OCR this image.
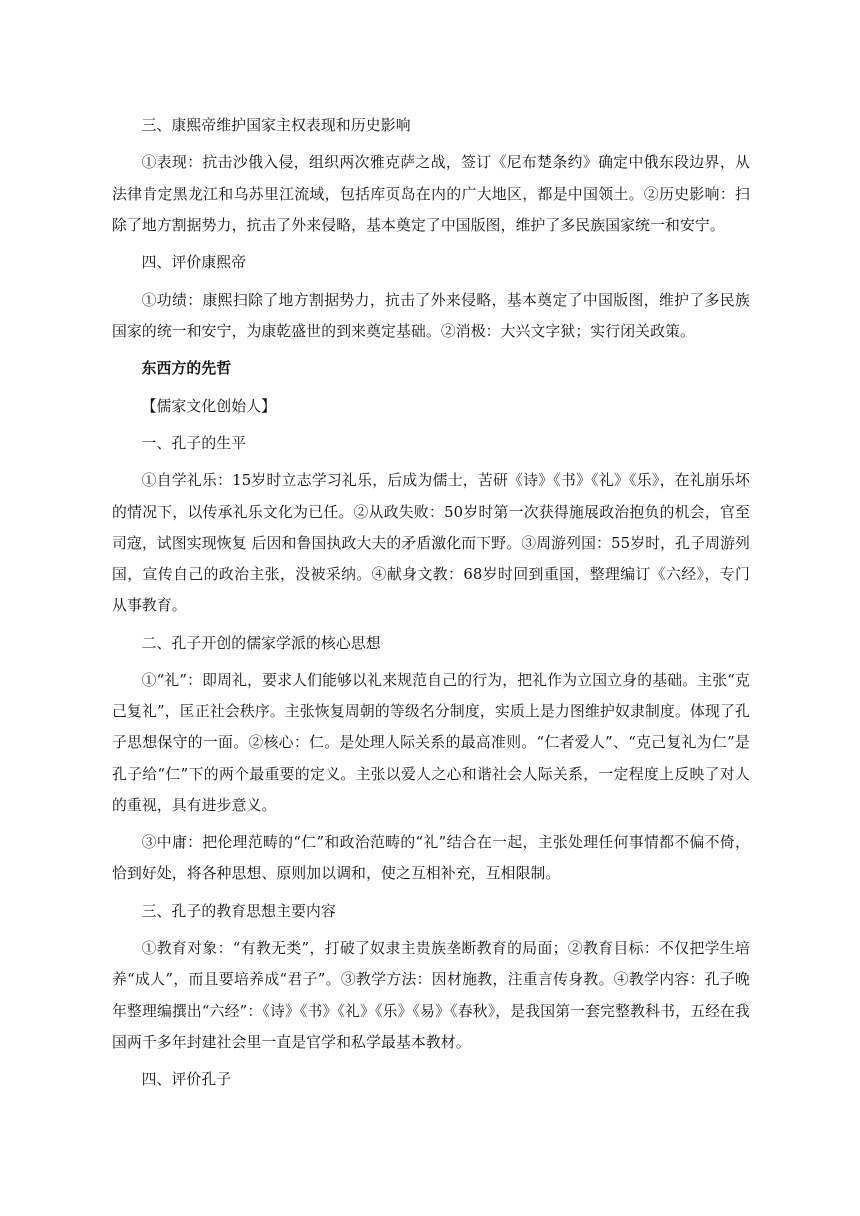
三、康熙帝维护国家主权表现和历史影响

①表现：抗击沙俄入侵，组织两次雅克萨之战，签订《尼布楚条约》确定中俄东段边界，从法律肯定黑龙江和乌苏里江流域，包括库页岛在内的广大地区，都是中国领土。②历史影响：扫除了地方割据势力，抗击了外来侵略，基本奠定了中国版图，维护了多民族国家统一和安宁。

四、评价康熙帝

①功绩：康熙扫除了地方割据势力，抗击了外来侵略，基本奠定了中国版图，维护了多民族国家的统一和安宁，为康乾盛世的到来奠定基础。②消极：大兴文字狱；实行闭关政策。

东西方的先哲

【儒家文化创始人】

一、孔子的生平

①自学礼乐：15岁时立志学习礼乐，后成为儒士，苦研《诗》《书》《礼》《乐》，在礼崩乐坏的情况下，以传承礼乐文化为已任。②从政失败：50岁时第一次获得施展政治抱负的机会，官至司寇，试图实现恢复 后因和鲁国执政大夫的矛盾激化而下野。③周游列国：55岁时，孔子周游列国，宣传自己的政治主张，没被采纳。④献身文教：68岁时回到重国，整理编订《六经》，专门从事教育。

二、孔子开创的儒家学派的核心思想

①“礼”：即周礼，要求人们能够以礼来规范自己的行为，把礼作为立国立身的基础。主张“克己复礼”，匡正社会秩序。主张恢复周朝的等级名分制度，实质上是力图维护奴隶制度。体现了孔子思想保守的一面。②核心：仁。是处理人际关系的最高准则。“仁者爱人”、“克己复礼为仁”是孔子给“仁”下的两个最重要的定义。主张以爱人之心和谐社会人际关系，一定程度上反映了对人的重视，具有进步意义。

③中庸：把伦理范畴的“仁”和政治范畴的“礼”结合在一起，主张处理任何事情都不偏不倚，恰到好处，将各种思想、原则加以调和，使之互相补充，互相限制。

三、孔子的教育思想主要内容

①教育对象：“有教无类”，打破了奴隶主贵族垄断教育的局面；②教育目标：不仅把学生培养“成人”，而且要培养成“君子”。③教学方法：因材施教，注重言传身教。④教学内容：孔子晚年整理编撰出“六经”：《诗》《书》《礼》《乐》《易》《春秋》，是我国第一套完整教科书，五经在我国两千多年封建社会里一直是官学和私学最基本教材。

四、评价孔子
